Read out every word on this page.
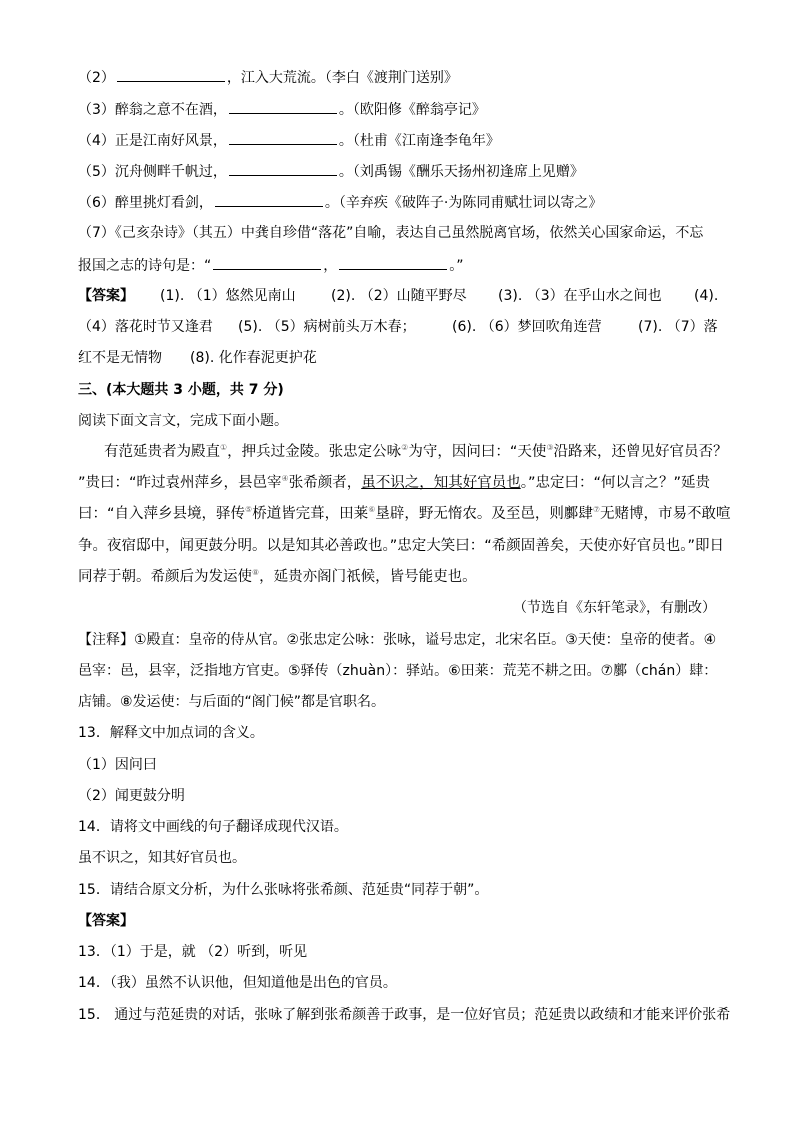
（2）	，江入大荒流。（李白《渡荆门送别》
（3）醉翁之意不在酒，	。（欧阳修《醉翁亭记》
（4）正是江南好风景，	。（杜甫《江南逢李龟年》
（5）沉舟侧畔千帆过，	。（刘禹锡《酬乐天扬州初逢席上见赠》
（6）醉里挑灯看剑，	。（辛弃疾《破阵子·为陈同甫赋壮词以寄之》
（7）《己亥杂诗》（其五）中龚自珍借“落花”自喻，表达自己虽然脱离官场，依然关心国家命运，不忘
报国之志的诗句是：“	，	。”
【答案】 (1). （1）悠然见南山	(2). （2）山随平野尽 (3). （3）在乎山水之间也 (4).
（4）落花时节又逢君 (5). （5）病树前头万木春；	(6). （6）梦回吹角连营	(7). （7）落
红不是无情物 (8). 化作春泥更护花
三、(本大题共 3 小题，共 7 分)
阅读下面文言文，完成下面小题。
有范延贵者为殿直①，押兵过金陵。张忠定公咏②为守，因问曰：“天使③沿路来，还曾见好官员否？
”贵曰：“昨过袁州萍乡，县邑宰④张希颜者，虽不识之，知其好官员也。”忠定曰：“何以言之？”延贵
曰：“自入萍乡县境，驿传⑤桥道皆完葺，田莱⑥垦辟，野无惰农。及至邑，则鄽肆⑦无赌博，市易不敢喧
争。夜宿邸中，闻更鼓分明。以是知其必善政也。”忠定大笑曰：“希颜固善矣，天使亦好官员也。”即日
同荐于朝。希颜后为发运使⑧，延贵亦阁门祇候，皆号能吏也。
（节选自《东轩笔录》，有删改）
【注释】①殿直：皇帝的侍从官。②张忠定公咏：张咏，谥号忠定，北宋名臣。③天使：皇帝的使者。④
邑宰：邑，县宰，泛指地方官吏。⑤驿传（zhuàn）：驿站。⑥田莱：荒芜不耕之田。⑦鄽（chán）肆：
店铺。⑧发运使：与后面的“阁门候”都是官职名。
13．解释文中加点词的含义。
（1）因问曰
（2）闻更鼓分明
14．请将文中画线的句子翻译成现代汉语。
虽不识之，知其好官员也。
15．请结合原文分析，为什么张咏将张希颜、范延贵“同荐于朝”。
【答案】
13．（1）于是，就 （2）听到，听见
14．（我）虽然不认识他，但知道他是出色的官员。
15． 通过与范延贵的对话，张咏了解到张希颜善于政事，是一位好官员；范延贵以政绩和才能来评价张希
